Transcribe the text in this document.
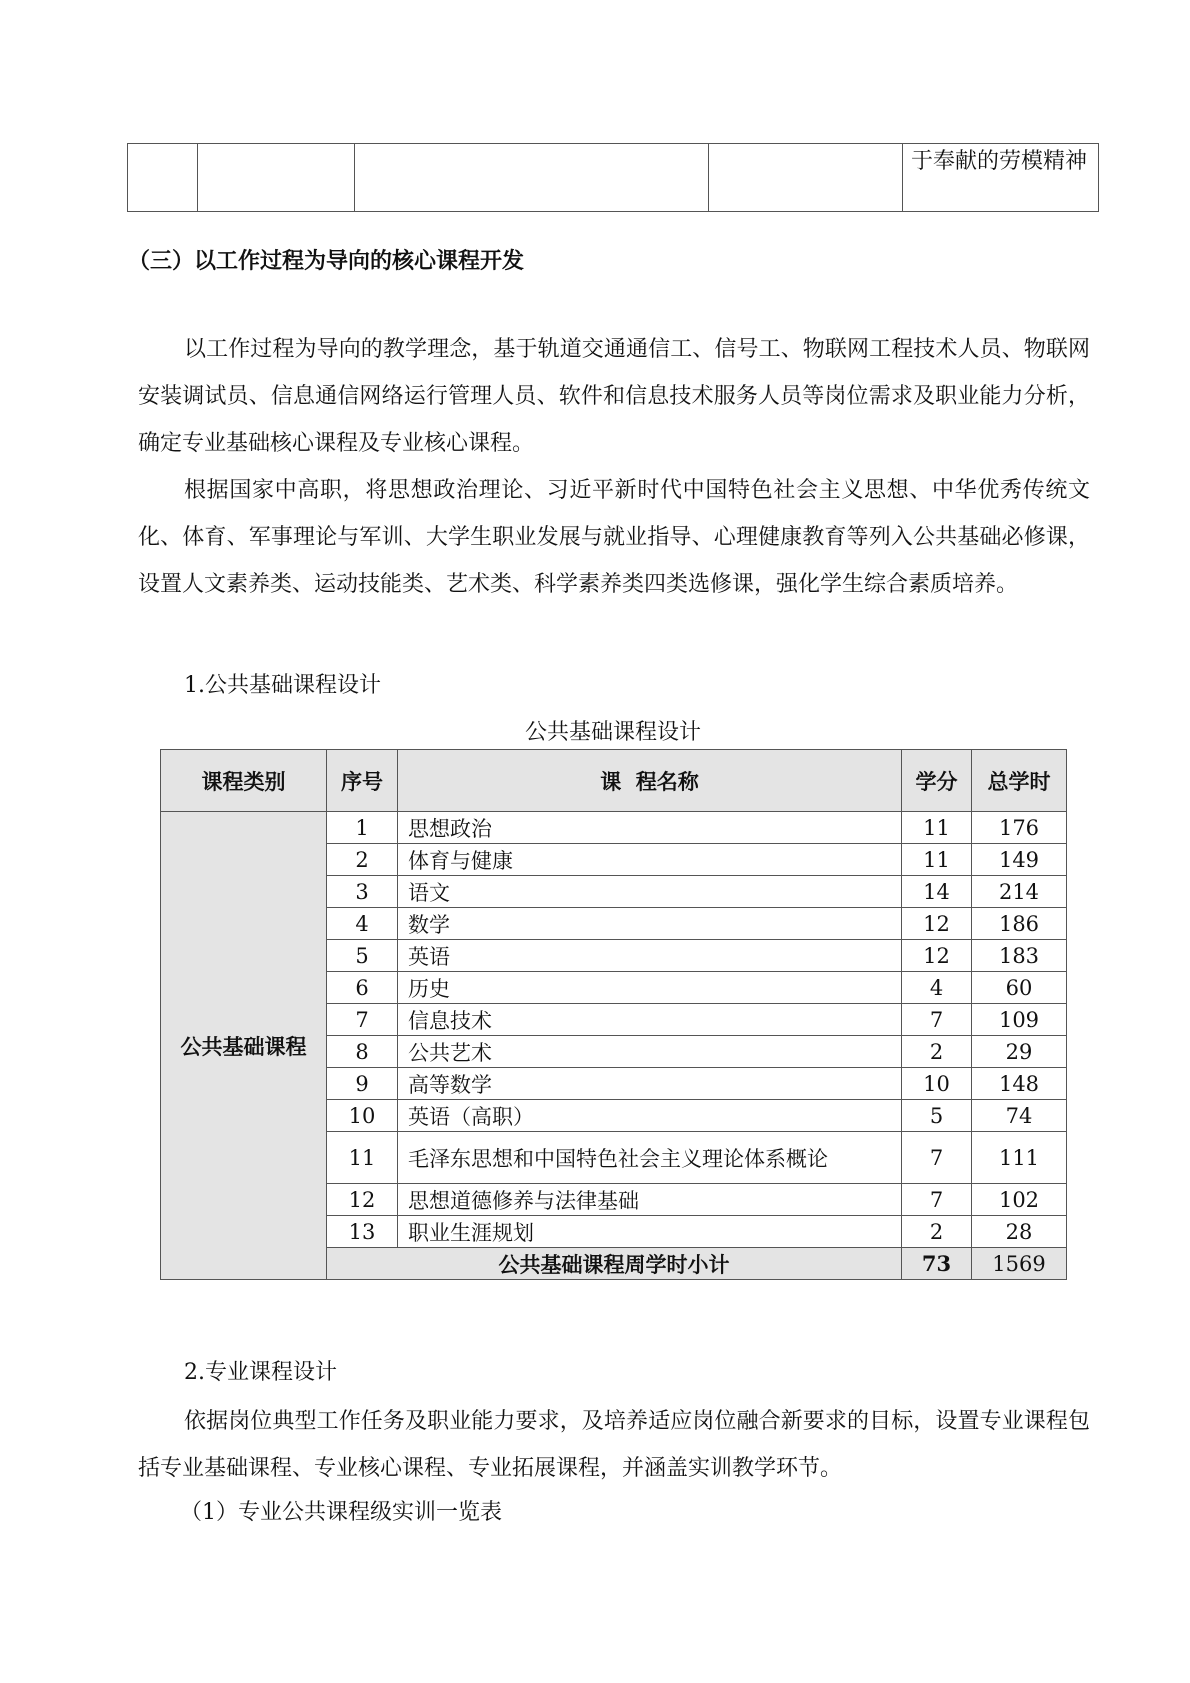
				于奉献的劳模精神
（三）以工作过程为导向的核心课程开发

以工作过程为导向的教学理念，基于轨道交通通信工、信号工、物联网工程技术人员、物联网安装调试员、信息通信网络运行管理人员、软件和信息技术服务人员等岗位需求及职业能力分析，确定专业基础核心课程及专业核心课程。

根据国家中高职，将思想政治理论、习近平新时代中国特色社会主义思想、中华优秀传统文化、体育、军事理论与军训、大学生职业发展与就业指导、心理健康教育等列入公共基础必修课，设置人文素养类、运动技能类、艺术类、科学素养类四类选修课，强化学生综合素质培养。

1.公共基础课程设计
公共基础课程设计
课程类别	序号	课  程名称	学分	总学时
公共基础课程	1	思想政治	11	176
	2	体育与健康	11	149
	3	语文	14	214
	4	数学	12	186
	5	英语	12	183
	6	历史	4	60
	7	信息技术	7	109
	8	公共艺术	2	29
	9	高等数学	10	148
	10	英语（高职）	5	74
	11	毛泽东思想和中国特色社会主义理论体系概论	7	111
	12	思想道德修养与法律基础	7	102
	13	职业生涯规划	2	28
	公共基础课程周学时小计		73	1569
2.专业课程设计

依据岗位典型工作任务及职业能力要求，及培养适应岗位融合新要求的目标，设置专业课程包括专业基础课程、专业核心课程、专业拓展课程，并涵盖实训教学环节。

（1）专业公共课程级实训一览表
